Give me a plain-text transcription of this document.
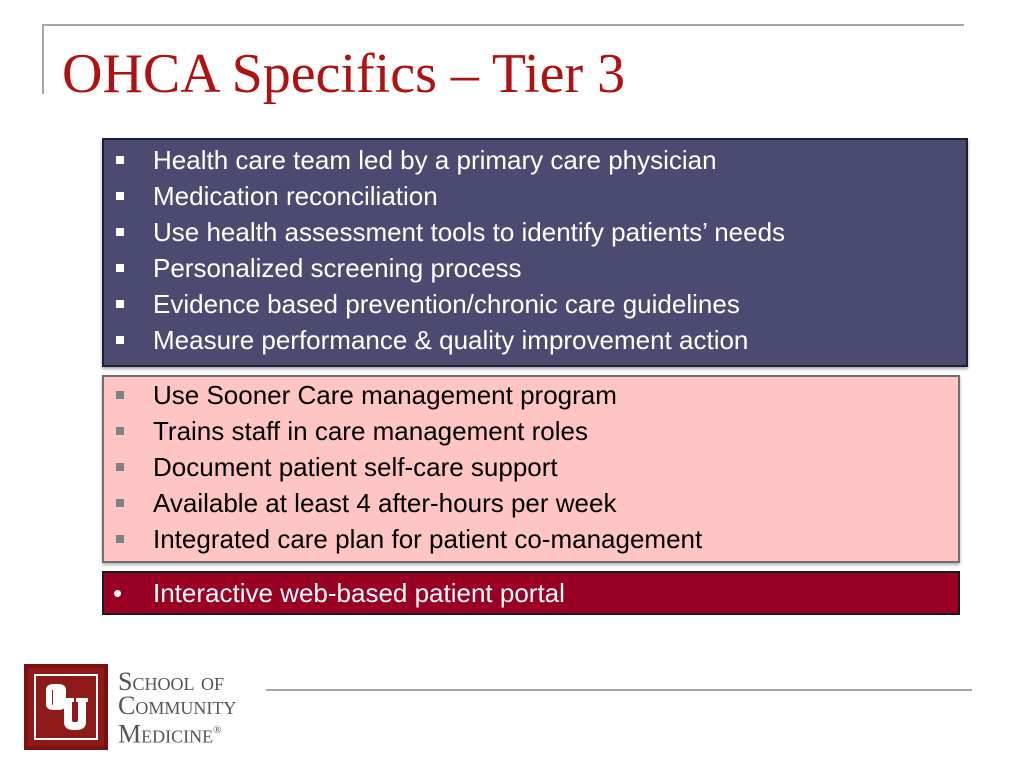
OHCA Specifics – Tier 3
Health care team led by a primary care physician
Medication reconciliation
Use health assessment tools to identify patients’ needs
Personalized screening process
Evidence based prevention/chronic care guidelines
Measure performance & quality improvement action
Use Sooner Care management program
Trains staff in care management roles
Document patient self-care support
Available at least 4 after-hours per week
Integrated care plan for patient co-management
• Interactive web-based patient portal
School of
Community
Medicine®
